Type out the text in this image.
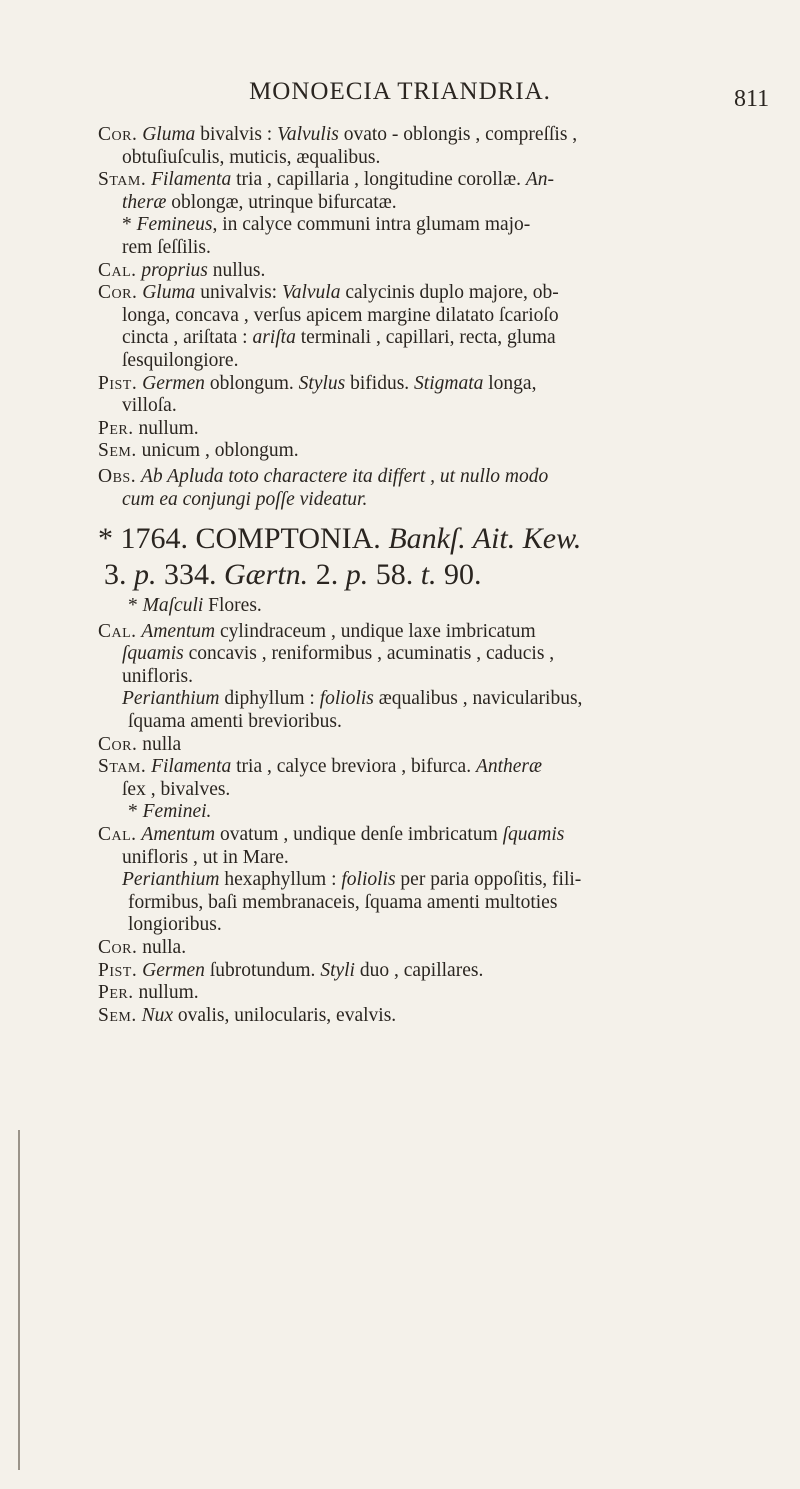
MONOECIA TRIANDRIA.	811

Cor. Gluma bivalvis : Valvulis ovato - oblongis , compreſſis ,

obtuſiuſculis, muticis, æqualibus.

Stam. Filamenta tria , capillaria , longitudine corollæ. An-

theræ oblongæ, utrinque bifurcatæ.

* Femineus, in calyce communi intra glumam majo-

rem ſeſſilis.

Cal. proprius nullus.

Cor. Gluma univalvis: Valvula calycinis duplo majore, ob-

longa, concava , verſus apicem margine dilatato ſcarioſo

cincta , ariſtata : ariſta terminali , capillari, recta, gluma

ſesquilongiore.

Pist. Germen oblongum. Stylus bifidus. Stigmata longa,

villoſa.

Per. nullum.

Sem. unicum , oblongum.

Obs. Ab Apluda toto charactere ita differt , ut nullo modo

cum ea conjungi poſſe videatur.

* 1764. COMPTONIA. Bankſ. Ait. Kew.

3. p. 334. Gærtn. 2. p. 58. t. 90.

* Maſculi Flores.

Cal. Amentum cylindraceum , undique laxe imbricatum

ſquamis concavis , reniformibus , acuminatis , caducis ,

unifloris.

Perianthium diphyllum : foliolis æqualibus , navicularibus,

ſquama amenti brevioribus.

Cor. nulla

Stam. Filamenta tria , calyce breviora , bifurca. Antheræ

ſex , bivalves.

* Feminei.

Cal. Amentum ovatum , undique denſe imbricatum ſquamis

unifloris , ut in Mare.

Perianthium hexaphyllum : foliolis per paria oppoſitis, fili-

formibus, baſi membranaceis, ſquama amenti multoties

longioribus.

Cor. nulla.

Pist. Germen ſubrotundum. Styli duo , capillares.

Per. nullum.

Sem. Nux ovalis, unilocularis, evalvis.
